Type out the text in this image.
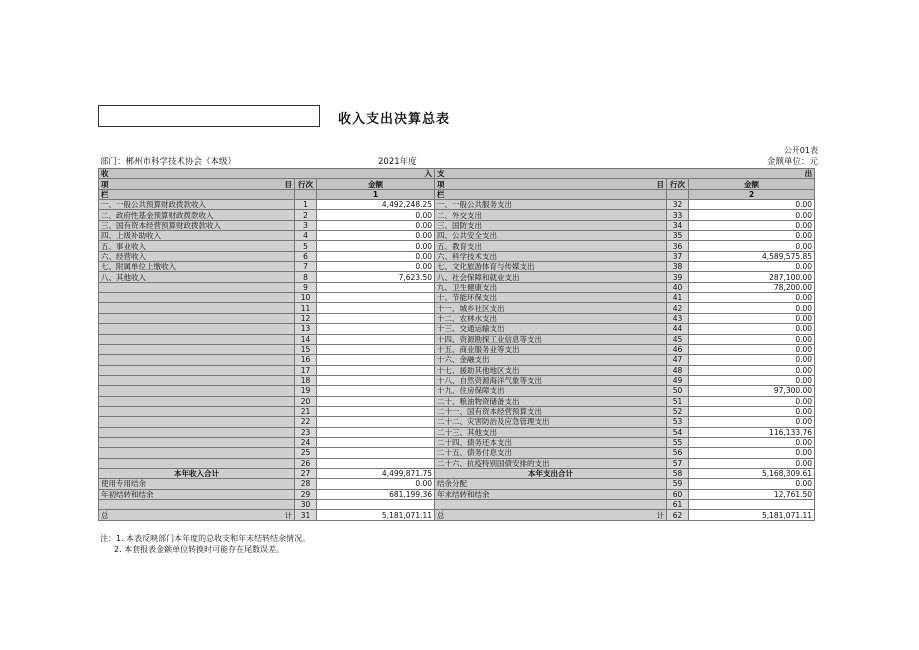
收入支出决算总表
公开01表
部门：郴州市科学技术协会（本级）	2021年度	金额单位：元
收 入			支 出		

项 目	行次	金额	项 目	行次	金额
栏		1	栏		2
一、一般公共预算财政拨款收入	1	4,492,248.25	一、一般公共服务支出	32	0.00
二、政府性基金预算财政拨款收入	2	0.00	二、外交支出	33	0.00
三、国有资本经营预算财政拨款收入	3	0.00	三、国防支出	34	0.00
四、上级补助收入	4	0.00	四、公共安全支出	35	0.00
五、事业收入	5	0.00	五、教育支出	36	0.00
六、经营收入	6	0.00	六、科学技术支出	37	4,589,575.85
七、附属单位上缴收入	7	0.00	七、文化旅游体育与传媒支出	38	0.00
八、其他收入	8	7,623.50	八、社会保障和就业支出	39	287,100.00
	9		九、卫生健康支出	40	78,200.00
	10		十、节能环保支出	41	0.00
	11		十一、城乡社区支出	42	0.00
	12		十二、农林水支出	43	0.00
	13		十三、交通运输支出	44	0.00
	14		十四、资源勘探工业信息等支出	45	0.00
	15		十五、商业服务业等支出	46	0.00
	16		十六、金融支出	47	0.00
	17		十七、援助其他地区支出	48	0.00
	18		十八、自然资源海洋气象等支出	49	0.00
	19		十九、住房保障支出	50	97,300.00
	20		二十、粮油物资储备支出	51	0.00
	21		二十一、国有资本经营预算支出	52	0.00
	22		二十二、灾害防治及应急管理支出	53	0.00
	23		二十三、其他支出	54	116,133.76
	24		二十四、债务还本支出	55	0.00
	25		二十五、债务付息支出	56	0.00
	26		二十六、抗疫特别国债安排的支出	57	0.00
本年收入合计	27	4,499,871.75	本年支出合计	58	5,168,309.61
使用专用结余	28	0.00	结余分配	59	0.00
年初结转和结余	29	681,199.36	年末结转和结余	60	12,761.50
	30			61	
总 计	31	5,181,071.11	总 计	62	5,181,071.11
注：1. 本表反映部门本年度的总收支和年末结转结余情况。
2. 本套报表金额单位转换时可能存在尾数误差。
